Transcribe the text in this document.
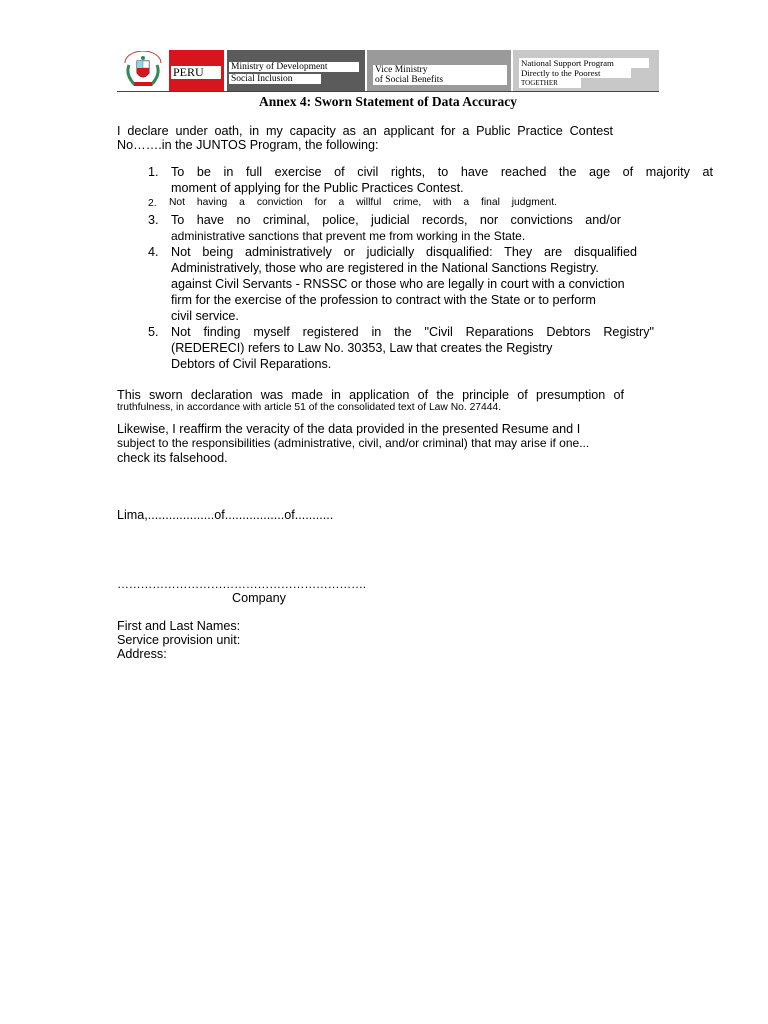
PERU	Ministry of Development
Social Inclusion
Vice Ministry
of Social Benefits
National Support Program
Directly to the Poorest
TOGETHER
Annex 4: Sworn Statement of Data Accuracy
I declare under oath, in my capacity as an applicant for a Public Practice Contest
No…….in the JUNTOS Program, the following:
1. To be in full exercise of civil rights, to have reached the age of majority at
moment of applying for the Public Practices Contest.
2. Not having a conviction for a willful crime, with a final judgment.
3. To have no criminal, police, judicial records, nor convictions and/or
administrative sanctions that prevent me from working in the State.
4. Not being administratively or judicially disqualified: They are disqualified
Administratively, those who are registered in the National Sanctions Registry.
against Civil Servants - RNSSC or those who are legally in court with a conviction
firm for the exercise of the profession to contract with the State or to perform
civil service.
5. Not finding myself registered in the "Civil Reparations Debtors Registry"
(REDERECI) refers to Law No. 30353, Law that creates the Registry
Debtors of Civil Reparations.
This sworn declaration was made in application of the principle of presumption of
truthfulness, in accordance with article 51 of the consolidated text of Law No. 27444.
Likewise, I reaffirm the veracity of the data provided in the presented Resume and I
subject to the responsibilities (administrative, civil, and/or criminal) that may arise if one...
check its falsehood.
Lima,...................of.................of...........
……………………………………………………….
Company
First and Last Names:
Service provision unit:
Address:
